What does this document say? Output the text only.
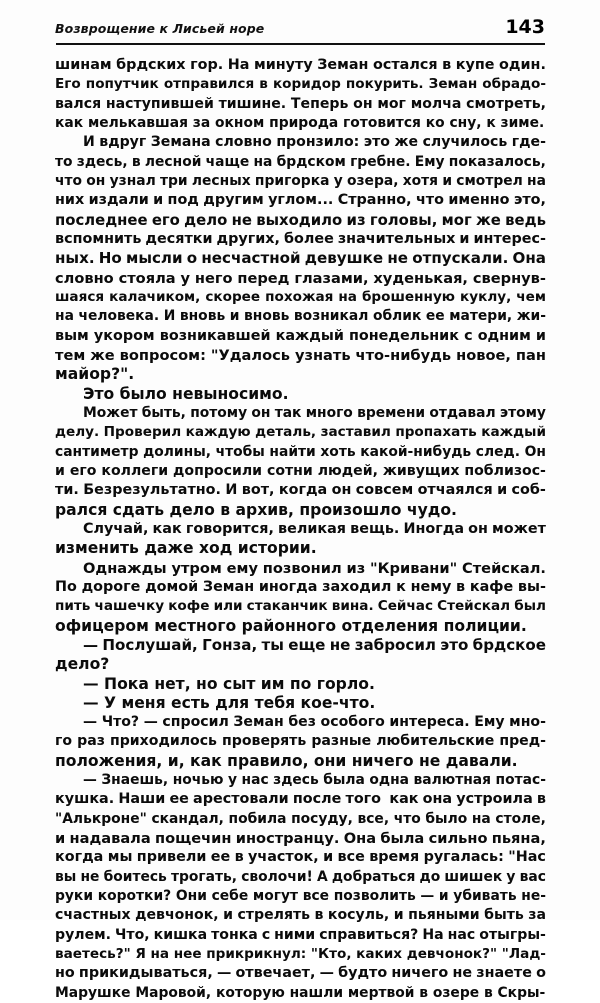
Возврощение к Лисьей норе	143
шинам брдских гор. На минуту Земан остался в купе один.
Его попутчик отправился в коридор покурить. Земан обрадо-
вался наступившей тишине. Теперь он мог молча смотреть,
как мелькавшая за окном природа готовится ко сну, к зиме.
И вдруг Земана словно пронзило: это же случилось где-
то здесь, в лесной чаще на брдском гребне. Ему показалось,
что он узнал три лесных пригорка у озера, хотя и смотрел на
них издали и под другим углом... Странно, что именно это,
последнее его дело не выходило из головы, мог же ведь
вспомнить десятки других, более значительных и интерес-
ных. Но мысли о несчастной девушке не отпускали. Она
словно стояла у него перед глазами, худенькая, свернув-
шаяся калачиком, скорее похожая на брошенную куклу, чем
на человека. И вновь и вновь возникал облик ее матери, жи-
вым укором возникавшей каждый понедельник с одним и
тем же вопросом: "Удалось узнать что-нибудь новое, пан
майор?".
Это было невыносимо.
Может быть, потому он так много времени отдавал этому
делу. Проверил каждую деталь, заставил пропахать каждый
сантиметр долины, чтобы найти хоть какой-нибудь след. Он
и его коллеги допросили сотни людей, живущих поблизос-
ти. Безрезультатно. И вот, когда он совсем отчаялся и соб-
рался сдать дело в архив, произошло чудо.
Случай, как говорится, великая вещь. Иногда он может
изменить даже ход истории.
Однажды утром ему позвонил из "Кривани" Стейскал.
По дороге домой Земан иногда заходил к нему в кафе вы-
пить чашечку кофе или стаканчик вина. Сейчас Стейскал был
офицером местного районного отделения полиции.
— Послушай, Гонза, ты еще не забросил это брдское
дело?
— Пока нет, но сыт им по горло.
— У меня есть для тебя кое-что.
— Что? — спросил Земан без особого интереса. Ему мно-
го раз приходилось проверять разные любительские пред-
положения, и, как правило, они ничего не давали.
— Знаешь, ночью у нас здесь была одна валютная потас-
кушка. Наши ее арестовали после того как она устроила в
"Алькроне" скандал, побила посуду, все, что было на столе,
и надавала пощечин иностранцу. Она была сильно пьяна,
когда мы привели ее в участок, и все время ругалась: "Нас
вы не боитесь трогать, сволочи! А добраться до шишек у вас
руки коротки? Они себе могут все позволить — и убивать не-
счастных девчонок, и стрелять в косуль, и пьяными быть за
рулем. Что, кишка тонка с ними справиться? На нас отыгры-
ваетесь?" Я на нее прикрикнул: "Кто, каких девчонок?" "Лад-
но прикидываться, — отвечает, — будто ничего не знаете о
Марушке Маровой, которую нашли мертвой в озере в Скры-
